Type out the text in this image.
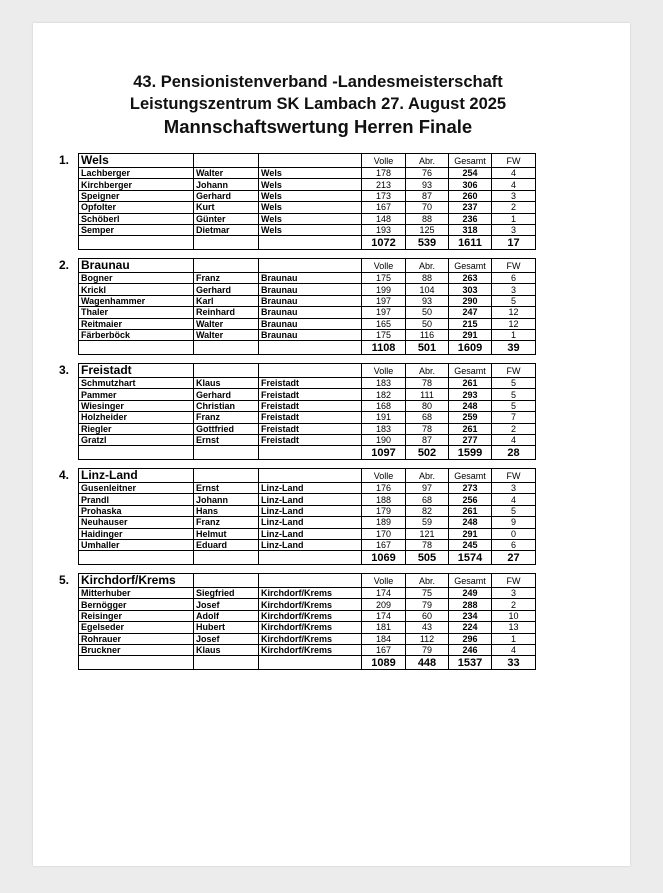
43. Pensionistenverband -Landesmeisterschaft
Leistungszentrum SK Lambach 27. August 2025
Mannschaftswertung Herren Finale
1. Wels			Volle	Abr.	Gesamt	FW
Lachberger	Walter	Wels	178	76	254	4
Kirchberger	Johann	Wels	213	93	306	4
Speigner	Gerhard	Wels	173	87	260	3
Opfolter	Kurt	Wels	167	70	237	2
Schöberl	Günter	Wels	148	88	236	1
Semper	Dietmar	Wels	193	125	318	3
			1072	539	1611	17
2. Braunau			Volle	Abr.	Gesamt	FW
Bogner	Franz	Braunau	175	88	263	6
Krickl	Gerhard	Braunau	199	104	303	3
Wagenhammer	Karl	Braunau	197	93	290	5
Thaler	Reinhard	Braunau	197	50	247	12
Reitmaier	Walter	Braunau	165	50	215	12
Färberböck	Walter	Braunau	175	116	291	1
			1108	501	1609	39
3. Freistadt			Volle	Abr.	Gesamt	FW
Schmutzhart	Klaus	Freistadt	183	78	261	5
Pammer	Gerhard	Freistadt	182	111	293	5
Wiesinger	Christian	Freistadt	168	80	248	5
Holzheider	Franz	Freistadt	191	68	259	7
Riegler	Gottfried	Freistadt	183	78	261	2
Gratzl	Ernst	Freistadt	190	87	277	4
			1097	502	1599	28
4. Linz-Land			Volle	Abr.	Gesamt	FW
Gusenleitner	Ernst	Linz-Land	176	97	273	3
Prandl	Johann	Linz-Land	188	68	256	4
Prohaska	Hans	Linz-Land	179	82	261	5
Neuhauser	Franz	Linz-Land	189	59	248	9
Haidinger	Helmut	Linz-Land	170	121	291	0
Umhaller	Eduard	Linz-Land	167	78	245	6
			1069	505	1574	27
5. Kirchdorf/Krems			Volle	Abr.	Gesamt	FW
Mitterhuber	Siegfried	Kirchdorf/Krems	174	75	249	3
Bernögger	Josef	Kirchdorf/Krems	209	79	288	2
Reisinger	Adolf	Kirchdorf/Krems	174	60	234	10
Egelseder	Hubert	Kirchdorf/Krems	181	43	224	13
Rohrauer	Josef	Kirchdorf/Krems	184	112	296	1
Bruckner	Klaus	Kirchdorf/Krems	167	79	246	4
			1089	448	1537	33
